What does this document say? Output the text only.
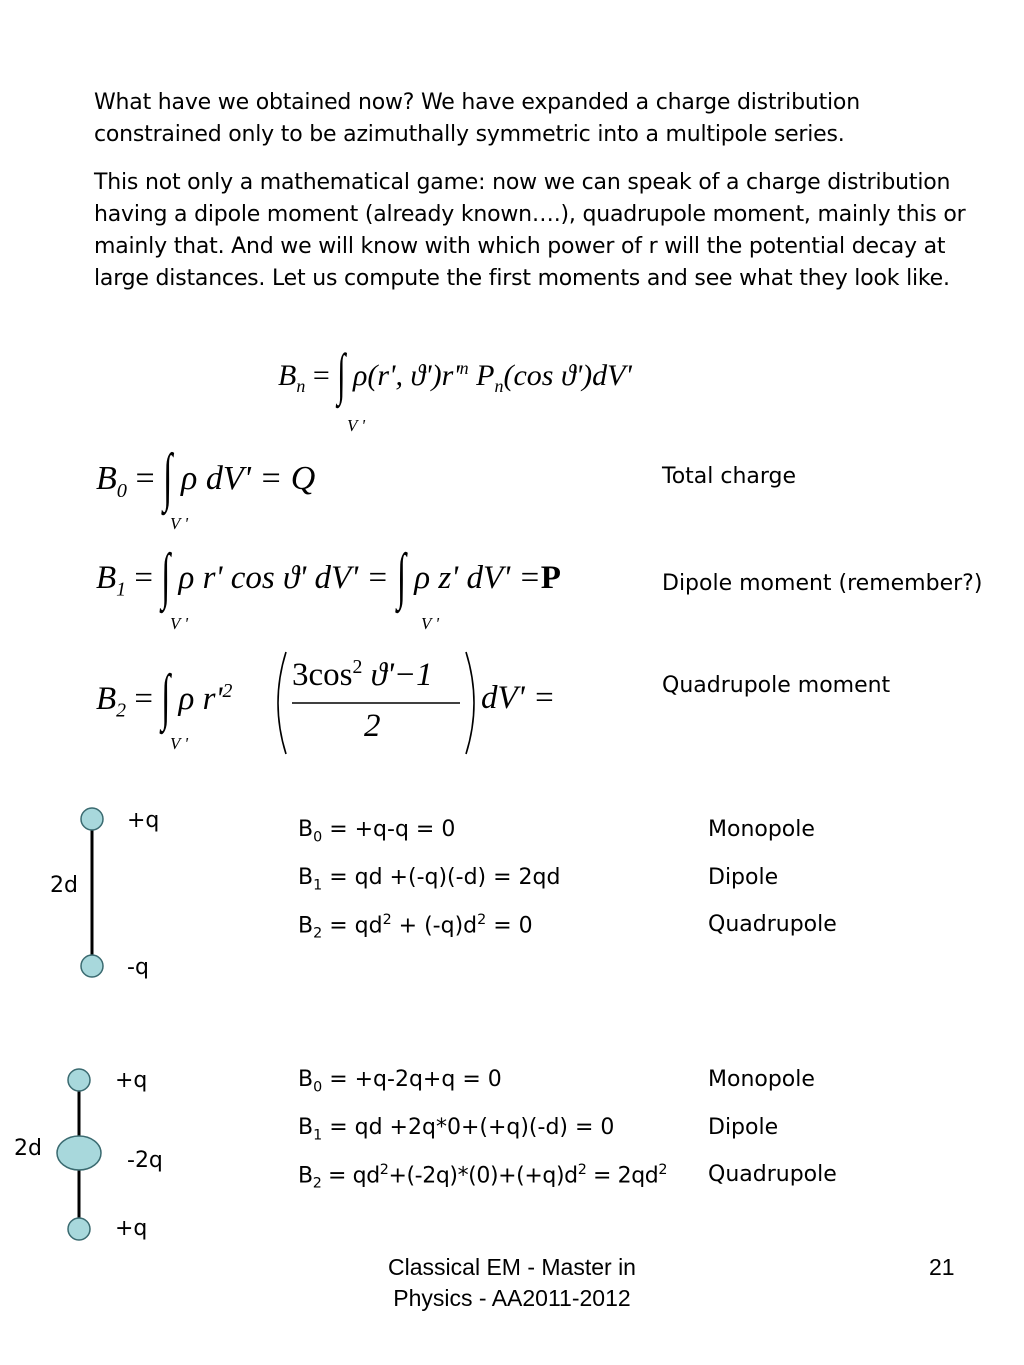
What have we obtained now? We have expanded a charge distribution constrained only to be azimuthally symmetric into a multipole series.
This not only a mathematical game: now we can speak of a charge distribution having a dipole moment (already known….), quadrupole moment, mainly this or mainly that. And we will know with which power of r will the potential decay at large distances. Let us compute the first moments and see what they look like.
$B_n$ = ∫ ρ(r', $ϑ')r'^n$ $P_n(\cos$ ϑ')dV'
V '
$B_0$ = ∫ ρ dV' = Q
V '
Total charge
$B_1$ = ∫ ρ r' cos ϑ' dV' = ∫ ρ z' dV' =P
V '	V '
Dipole moment (remember?)
$B_2$ = ∫ ρ $r'^2$
V '
$3\cos^2$ ϑ'−1
2
dV' =	Quadrupole moment
+q
2d
-q
$B_0 = +q-q = 0$	Monopole
$B_1$ = qd +(-q)(-d) = 2qd	Dipole
$B_2 = qd^2 + (-q)d^2 = 0$	Quadrupole
+q
2d	-2q
+q
$B_0 = +q-2q+q = 0$	Monopole
$B_1$ = qd +2q*0+(+q)(-d) = 0	Dipole
$B_2 = qd^2+(-2q)*(0)+(+q)d^2 = 2qd^2$ Quadrupole
Classical EM - Master in
Physics - AA2011-2012
21
